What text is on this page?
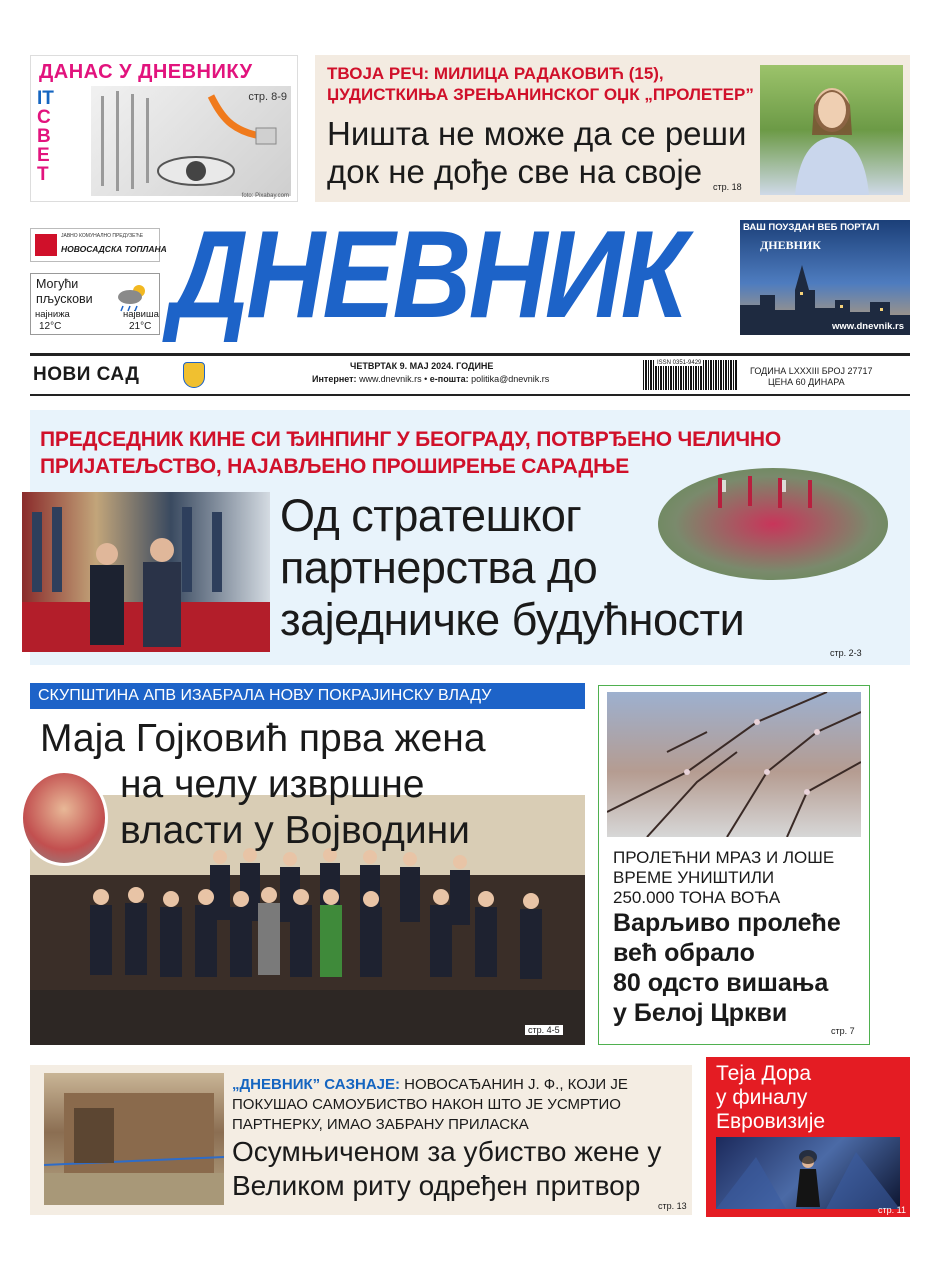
ДАНАС У ДНЕВНИКУ
IT
С
В
Е
Т
стр. 8-9
foto: Pixabay.com
ТВОЈА РЕЧ: МИЛИЦА РАДАКОВИЋ (15),
ЏУДИСТКИЊА ЗРЕЊАНИНСКОГ ОЏК „ПРОЛЕТЕР”
Ништа не може да се реши
док не дође све на своје	стр. 18
ЈАВНО КОМУНАЛНО ПРЕДУЗЕЋЕ
НОВОСАДСКА ТОПЛАНА
Могући
пљускови
најнижа	највиша
12°C	21°C ДНЕВНИК	ВАШ ПОУЗДАН ВЕБ ПОРТАЛ
ДНЕВНИК
www.dnevnik.rs
НОВИ САД	ЧЕТВРТАК 9. МАЈ 2024. ГОДИНЕ
Интернет: www.dnevnik.rs • е-пошта: politika@dnevnik.rs
ISSN 0351-9429
ГОДИНА LXXXIII БРОЈ 27717
ЦЕНА 60 ДИНАРА
ПРЕДСЕДНИК КИНЕ СИ ЂИНПИНГ У БЕОГРАДУ, ПОТВРЂЕНО ЧЕЛИЧНО
ПРИЈАТЕЉСТВО, НАЈАВЉЕНО ПРОШИРЕЊЕ САРАДЊЕ
Од стратешког
партнерства до
заједничке будућности
стр. 2-3
СКУПШТИНА АПВ ИЗАБРАЛА НОВУ ПОКРАЈИНСКУ ВЛАДУ
Маја Гојковић прва жена
на челу извршне
власти у Војводини
стр. 4-5
ПРОЛЕЋНИ МРАЗ И ЛОШЕ
ВРЕМЕ УНИШТИЛИ
250.000 ТОНА ВОЋА
Варљиво пролеће
већ обрало
80 одсто вишања
у Белој Цркви
стр. 7
„ДНЕВНИК” САЗНАЈЕ: НОВОСАЂАНИН Ј. Ф., КОЈИ ЈЕ
ПОКУШАО САМОУБИСТВО НАКОН ШТО ЈЕ УСМРТИО
ПАРТНЕРКУ, ИМАО ЗАБРАНУ ПРИЛАСКА
Осумњиченом за убиство жене у
Великом риту одређен притвор
стр. 13
Теја Дора
у финалу
Евровизије
стр. 11
